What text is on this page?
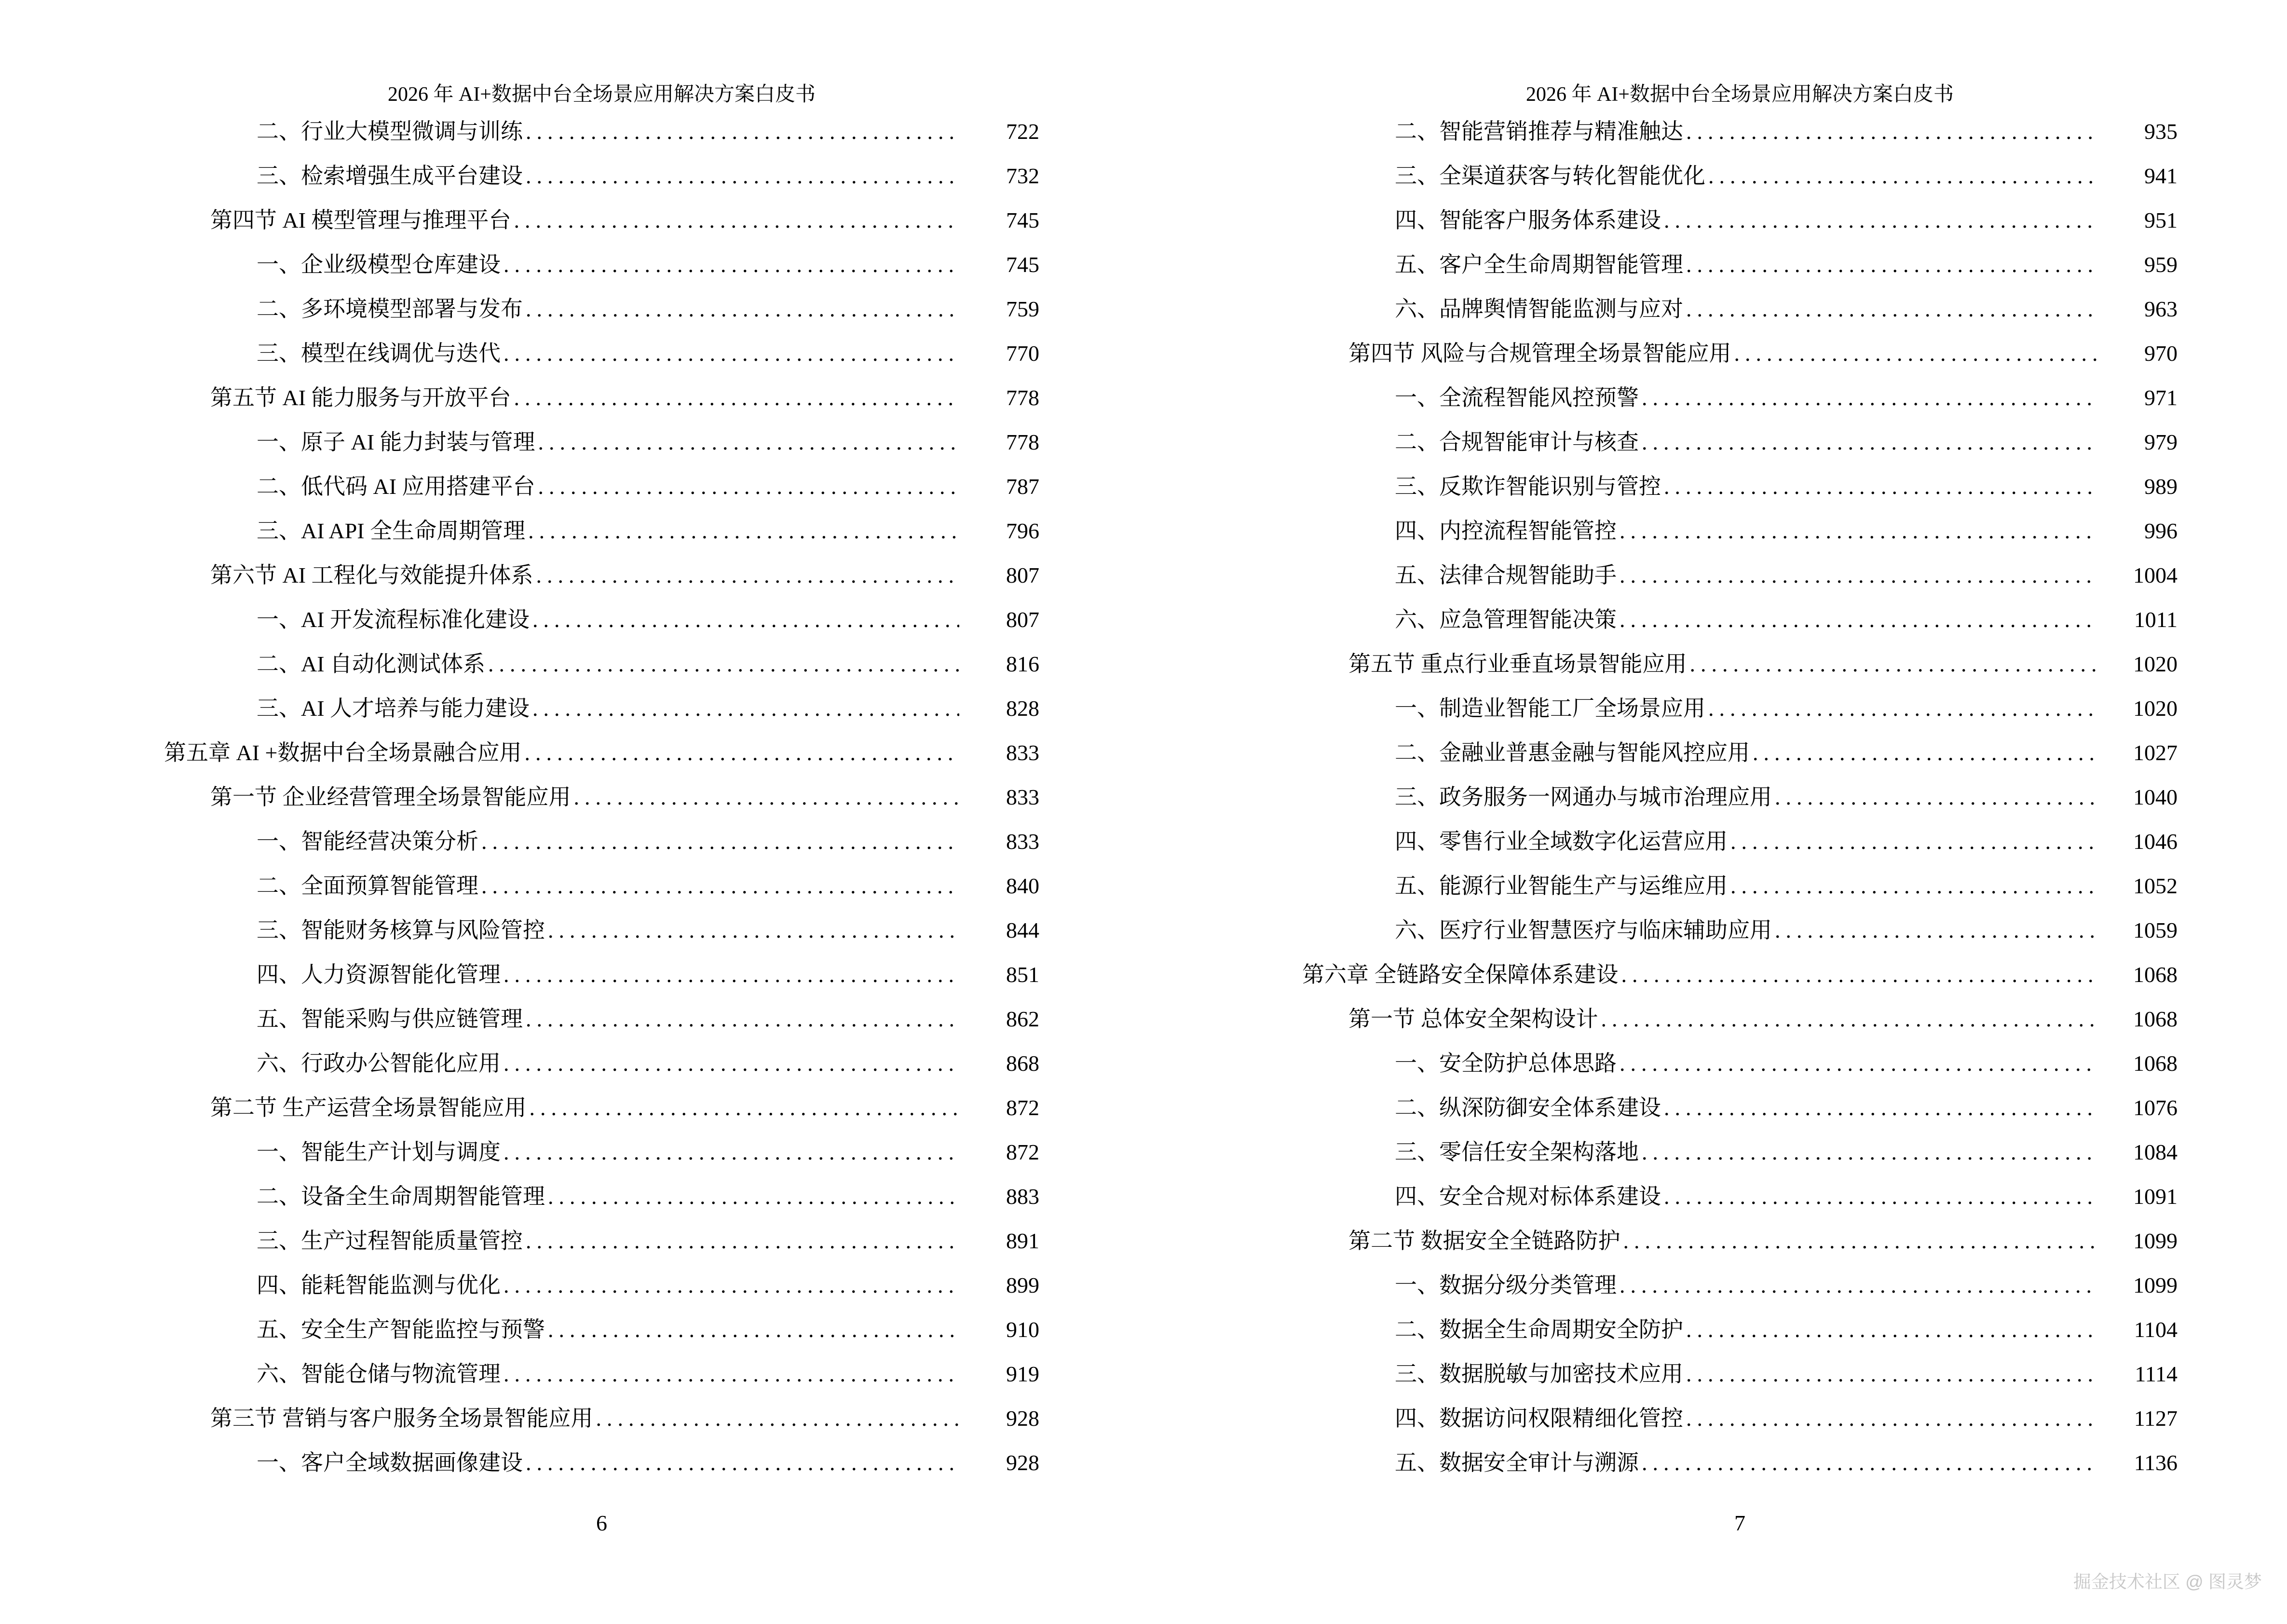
2026 年 AI+数据中台全场景应用解决方案白皮书
二、行业大模型微调与训练 .....	722
三、检索增强生成平台建设 .....	732
第四节 AI 模型管理与推理平台 .....	745
一、企业级模型仓库建设 .....	745
二、多环境模型部署与发布 .....	759
三、模型在线调优与迭代 .....	770
第五节 AI 能力服务与开放平台 .....	778
一、原子 AI 能力封装与管理 .....	778
二、低代码 AI 应用搭建平台 .....	787
三、AI API 全生命周期管理 .....	796
第六节 AI 工程化与效能提升体系 .....	807
一、AI 开发流程标准化建设 .....	807
二、AI 自动化测试体系 .....	816
三、AI 人才培养与能力建设 .....	828
第五章 AI +数据中台全场景融合应用 .....	833
第一节 企业经营管理全场景智能应用 .....	833
一、智能经营决策分析 .....	833
二、全面预算智能管理 .....	840
三、智能财务核算与风险管控 .....	844
四、人力资源智能化管理 .....	851
五、智能采购与供应链管理 .....	862
六、行政办公智能化应用 .....	868
第二节 生产运营全场景智能应用 .....	872
一、智能生产计划与调度 .....	872
二、设备全生命周期智能管理 .....	883
三、生产过程智能质量管控 .....	891
四、能耗智能监测与优化 .....	899
五、安全生产智能监控与预警 .....	910
六、智能仓储与物流管理 .....	919
第三节 营销与客户服务全场景智能应用 .....	928
一、客户全域数据画像建设 .....	928
6
2026 年 AI+数据中台全场景应用解决方案白皮书
二、智能营销推荐与精准触达 .....	935
三、全渠道获客与转化智能优化 .....	941
四、智能客户服务体系建设 .....	951
五、客户全生命周期智能管理 .....	959
六、品牌舆情智能监测与应对 .....	963
第四节 风险与合规管理全场景智能应用 .....	970
一、全流程智能风控预警 .....	971
二、合规智能审计与核查 .....	979
三、反欺诈智能识别与管控 .....	989
四、内控流程智能管控 .....	996
五、法律合规智能助手 .....	1004
六、应急管理智能决策 .....	1011
第五节 重点行业垂直场景智能应用 .....	1020
一、制造业智能工厂全场景应用 .....	1020
二、金融业普惠金融与智能风控应用 .....	1027
三、政务服务一网通办与城市治理应用 .....	1040
四、零售行业全域数字化运营应用 .....	1046
五、能源行业智能生产与运维应用 .....	1052
六、医疗行业智慧医疗与临床辅助应用 .....	1059
第六章 全链路安全保障体系建设 .....	1068
第一节 总体安全架构设计 .....	1068
一、安全防护总体思路 .....	1068
二、纵深防御安全体系建设 .....	1076
三、零信任安全架构落地 .....	1084
四、安全合规对标体系建设 .....	1091
第二节 数据安全全链路防护 .....	1099
一、数据分级分类管理 .....	1099
二、数据全生命周期安全防护 .....	1104
三、数据脱敏与加密技术应用 .....	1114
四、数据访问权限精细化管控 .....	1127
五、数据安全审计与溯源 .....	1136
7
掘金技术社区 @ 图灵梦
